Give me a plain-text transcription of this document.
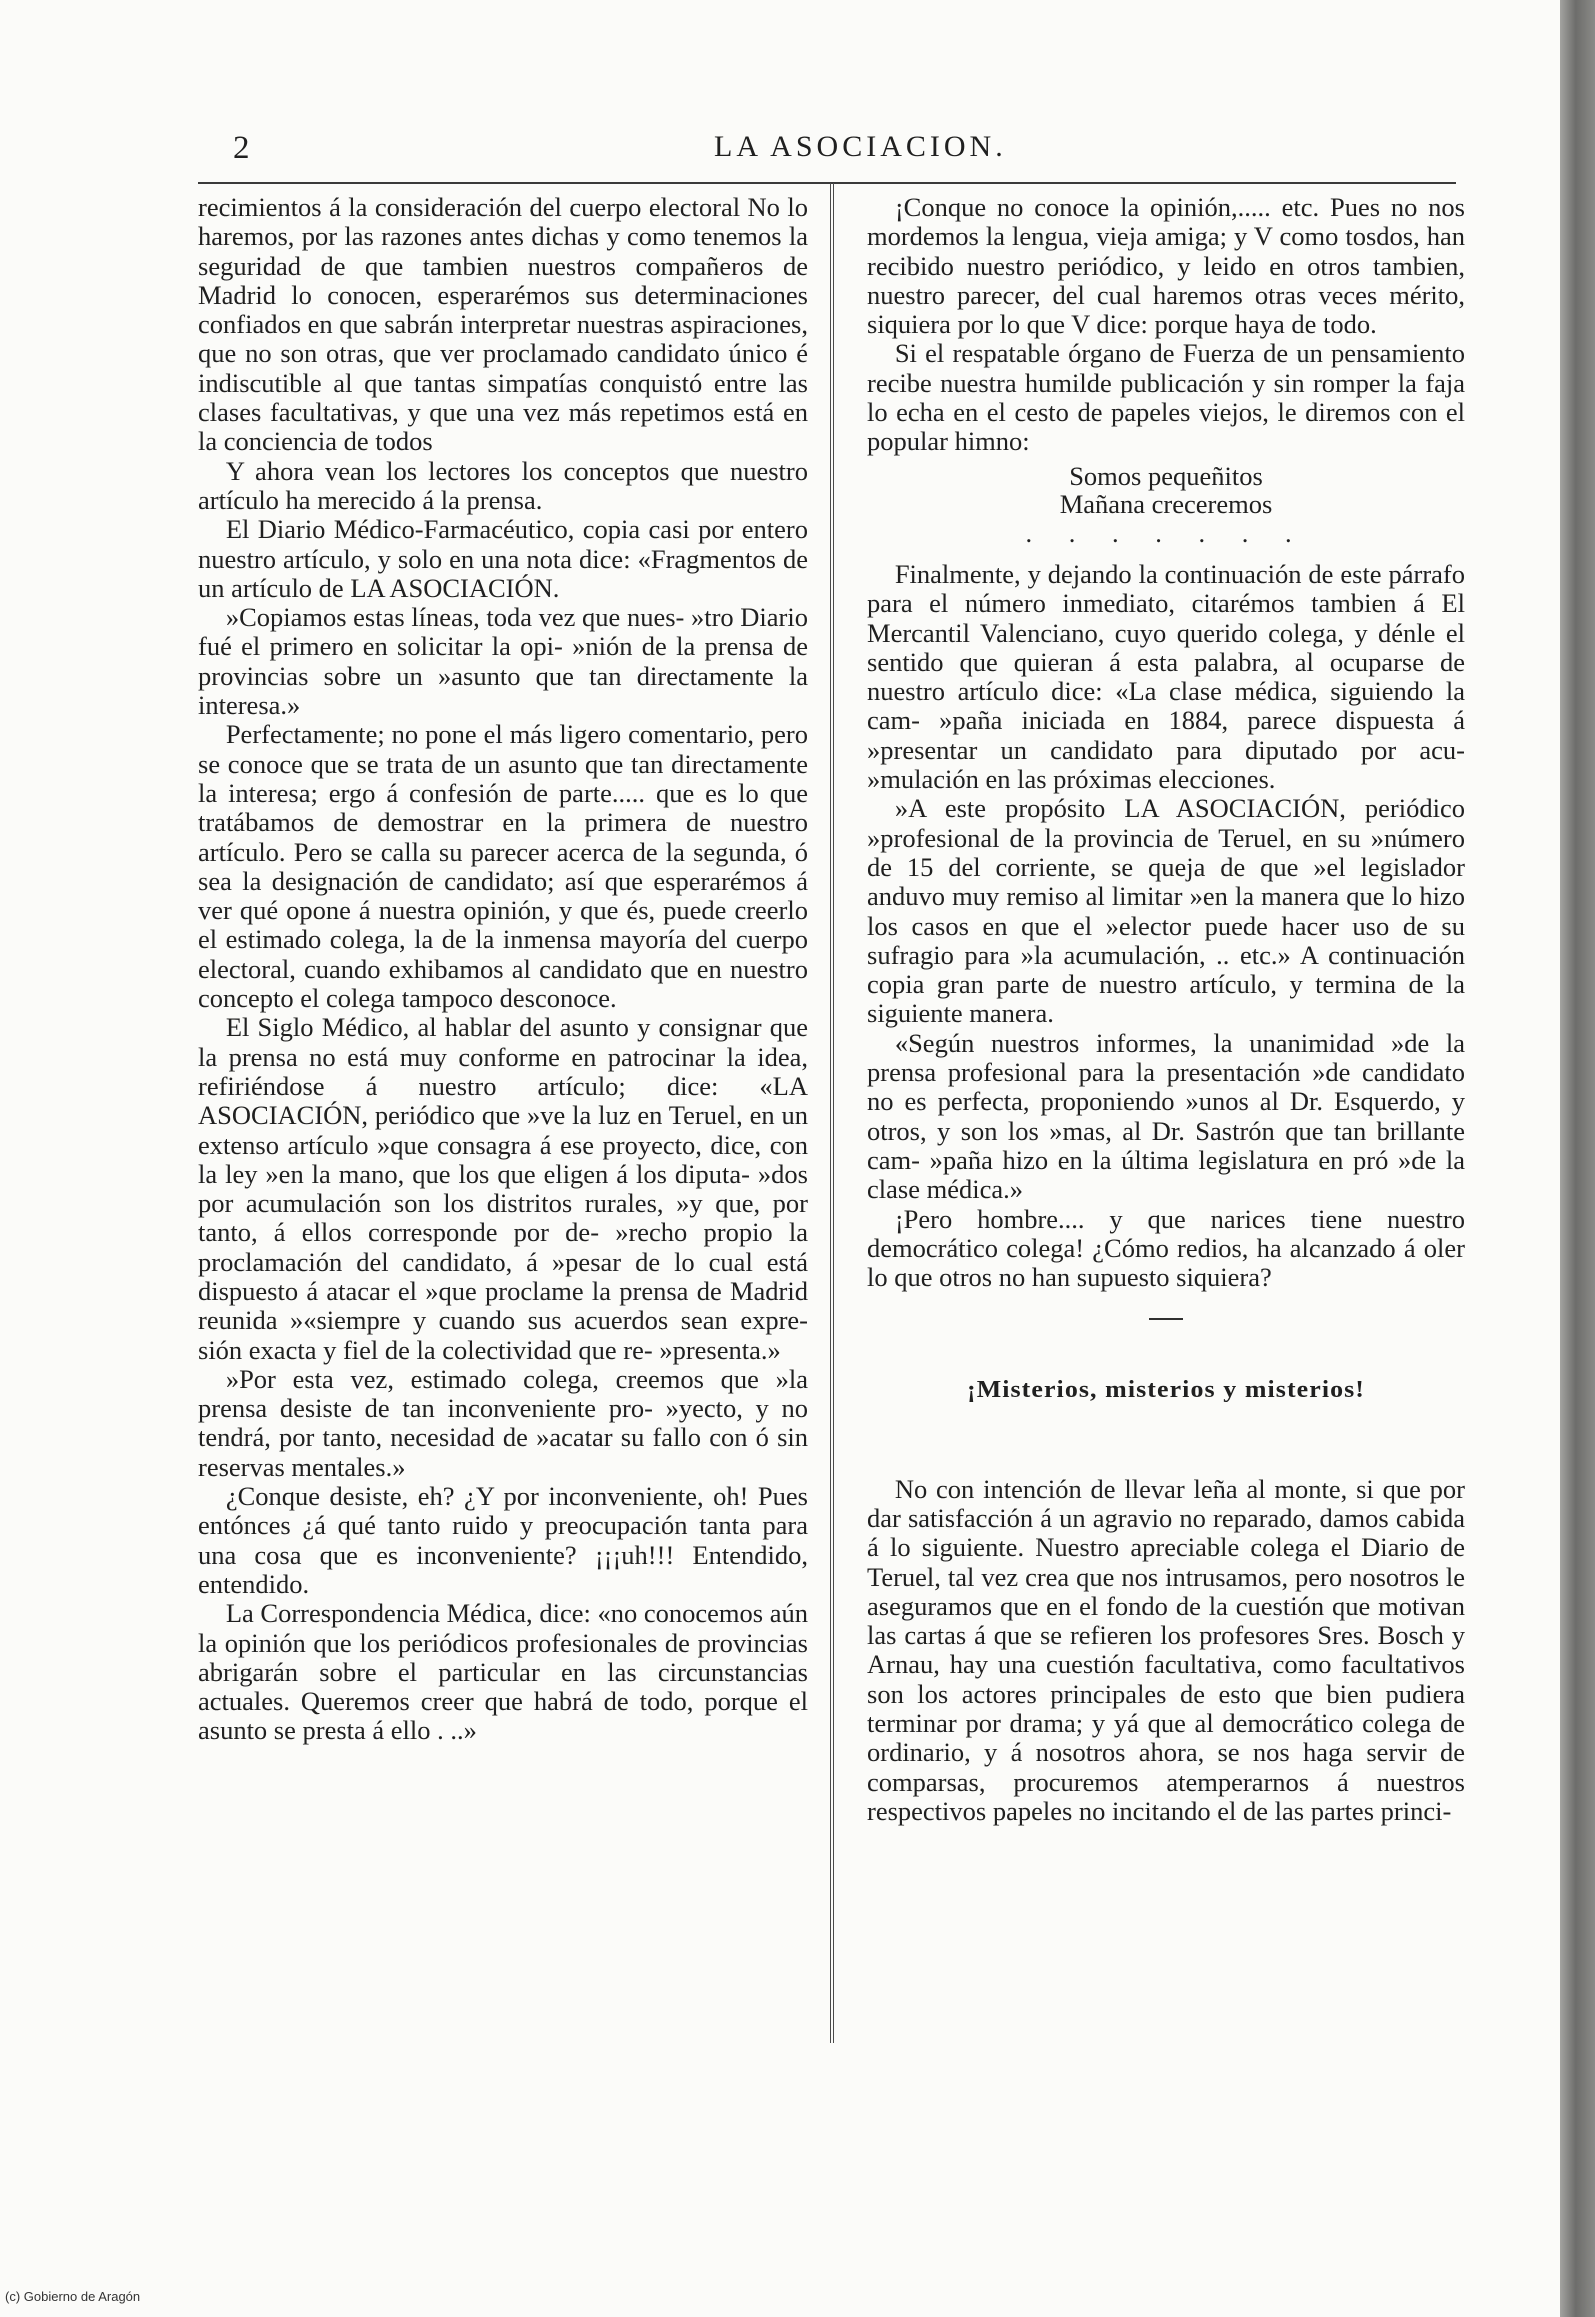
2	LA ASOCIACION.

recimientos á la consideración del cuerpo electoral No lo haremos, por las razones antes dichas y como tenemos la seguridad de que tambien nuestros compañeros de Madrid lo conocen, esperarémos sus determinaciones confiados en que sabrán interpretar nuestras aspiraciones, que no son otras, que ver proclamado candidato único é indiscutible al que tantas simpatías conquistó entre las clases facultativas, y que una vez más repetimos está en la conciencia de todos

Y ahora vean los lectores los conceptos que nuestro artículo ha merecido á la prensa.

El Diario Médico-Farmacéutico, copia casi por entero nuestro artículo, y solo en una nota dice: «Fragmentos de un artículo de LA ASOCIACIÓN.

»Copiamos estas líneas, toda vez que nues- »tro Diario fué el primero en solicitar la opi- »nión de la prensa de provincias sobre un »asunto que tan directamente la interesa.»

Perfectamente; no pone el más ligero comentario, pero se conoce que se trata de un asunto que tan directamente la interesa; ergo á confesión de parte..... que es lo que tratábamos de demostrar en la primera de nuestro artículo. Pero se calla su parecer acerca de la segunda, ó sea la designación de candidato; así que esperarémos á ver qué opone á nuestra opinión, y que és, puede creerlo el estimado colega, la de la inmensa mayoría del cuerpo electoral, cuando exhibamos al candidato que en nuestro concepto el colega tampoco desconoce.

El Siglo Médico, al hablar del asunto y consignar que la prensa no está muy conforme en patrocinar la idea, refiriéndose á nuestro artículo; dice: «LA ASOCIACIÓN, periódico que »ve la luz en Teruel, en un extenso artículo »que consagra á ese proyecto, dice, con la ley »en la mano, que los que eligen á los diputa- »dos por acumulación son los distritos rurales, »y que, por tanto, á ellos corresponde por de- »recho propio la proclamación del candidato, á »pesar de lo cual está dispuesto á atacar el »que proclame la prensa de Madrid reunida »«siempre y cuando sus acuerdos sean expre- sión exacta y fiel de la colectividad que re- »presenta.»

»Por esta vez, estimado colega, creemos que »la prensa desiste de tan inconveniente pro- »yecto, y no tendrá, por tanto, necesidad de »acatar su fallo con ó sin reservas mentales.»

¿Conque desiste, eh? ¿Y por inconveniente, oh! Pues entónces ¿á qué tanto ruido y preocupación tanta para una cosa que es inconveniente? ¡¡¡uh!!! Entendido, entendido.

La Correspondencia Médica, dice: «no conocemos aún la opinión que los periódicos profesionales de provincias abrigarán sobre el particular en las circunstancias actuales. Queremos creer que habrá de todo, porque el asunto se presta á ello . ..»

¡Conque no conoce la opinión,..... etc. Pues no nos mordemos la lengua, vieja amiga; y V como tosdos, han recibido nuestro periódico, y leido en otros tambien, nuestro parecer, del cual haremos otras veces mérito, siquiera por lo que V dice: porque haya de todo.

Si el respatable órgano de Fuerza de un pensamiento recibe nuestra humilde publicación y sin romper la faja lo echa en el cesto de papeles viejos, le diremos con el popular himno:

Somos pequeñitos
Mañana creceremos

. . . . . . .

Finalmente, y dejando la continuación de este párrafo para el número inmediato, citarémos tambien á El Mercantil Valenciano, cuyo querido colega, y dénle el sentido que quieran á esta palabra, al ocuparse de nuestro artículo dice: «La clase médica, siguiendo la cam- »paña iniciada en 1884, parece dispuesta á »presentar un candidato para diputado por acu- »mulación en las próximas elecciones.

»A este propósito LA ASOCIACIÓN, periódico »profesional de la provincia de Teruel, en su »número de 15 del corriente, se queja de que »el legislador anduvo muy remiso al limitar »en la manera que lo hizo los casos en que el »elector puede hacer uso de su sufragio para »la acumulación, .. etc.» A continuación copia gran parte de nuestro artículo, y termina de la siguiente manera.

«Según nuestros informes, la unanimidad »de la prensa profesional para la presentación »de candidato no es perfecta, proponiendo »unos al Dr. Esquerdo, y otros, y son los »mas, al Dr. Sastrón que tan brillante cam- »paña hizo en la última legislatura en pró »de la clase médica.»

¡Pero hombre.... y que narices tiene nuestro democrático colega! ¿Cómo redios, ha alcanzado á oler lo que otros no han supuesto siquiera?

¡Misterios, misterios y misterios!

No con intención de llevar leña al monte, si que por dar satisfacción á un agravio no reparado, damos cabida á lo siguiente. Nuestro apreciable colega el Diario de Teruel, tal vez crea que nos intrusamos, pero nosotros le aseguramos que en el fondo de la cuestión que motivan las cartas á que se refieren los profesores Sres. Bosch y Arnau, hay una cuestión facultativa, como facultativos son los actores principales de esto que bien pudiera terminar por drama; y yá que al democrático colega de ordinario, y á nosotros ahora, se nos haga servir de comparsas, procuremos atemperarnos á nuestros respectivos papeles no incitando el de las partes princi-

(c) Gobierno de Aragón
